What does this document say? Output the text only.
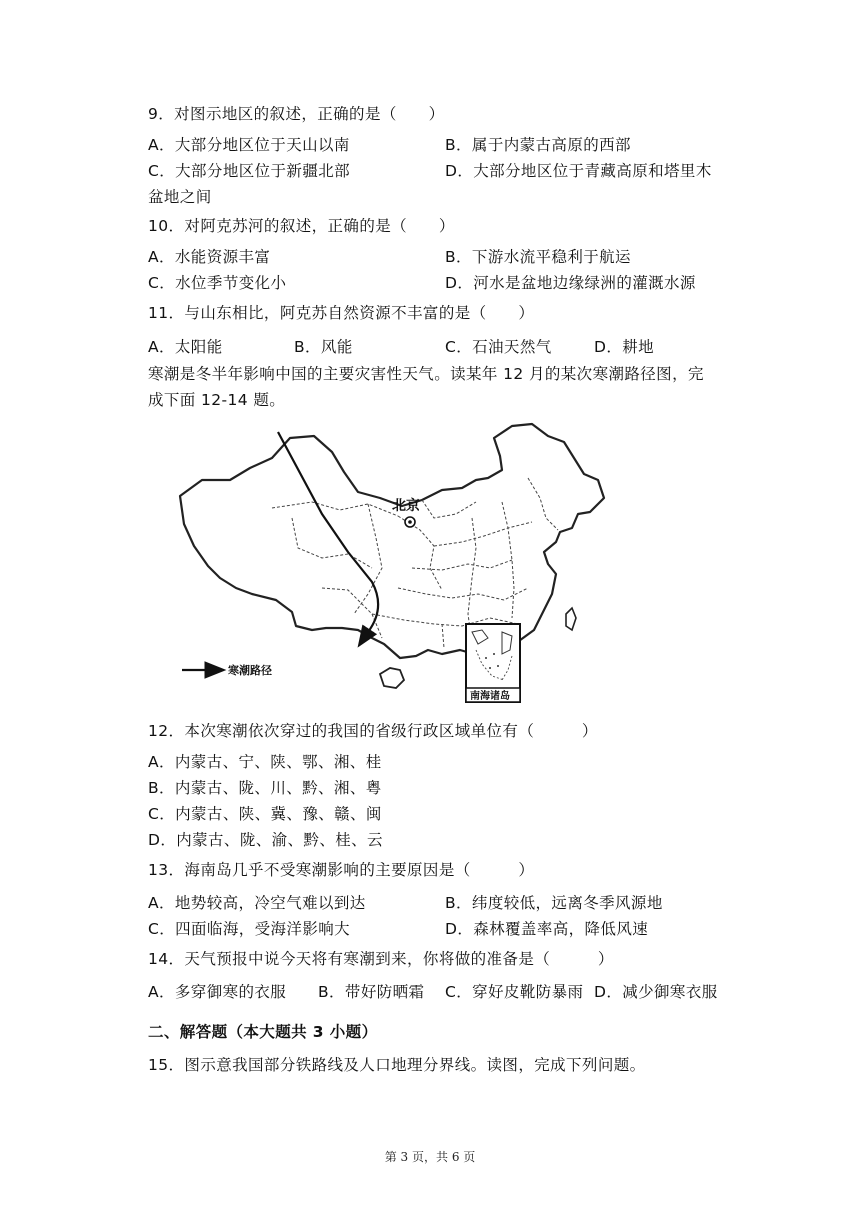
9．对图示地区的叙述，正确的是（　　）
A．大部分地区位于天山以南	B．属于内蒙古高原的西部
C．大部分地区位于新疆北部	D．大部分地区位于青藏高原和塔里木
盆地之间
10．对阿克苏河的叙述，正确的是（　　）
A．水能资源丰富	B．下游水流平稳利于航运
C．水位季节变化小	D．河水是盆地边缘绿洲的灌溉水源
11．与山东相比，阿克苏自然资源不丰富的是（　　）
A．太阳能	B．风能	C．石油天然气	D．耕地
寒潮是冬半年影响中国的主要灾害性天气。读某年 12 月的某次寒潮路径图，完
成下面 12-14 题。
北京
寒潮路径
南海诸岛
12．本次寒潮依次穿过的我国的省级行政区域单位有（　　　）
A．内蒙古、宁、陕、鄂、湘、桂
B．内蒙古、陇、川、黔、湘、粤
C．内蒙古、陕、冀、豫、赣、闽
D．内蒙古、陇、渝、黔、桂、云
13．海南岛几乎不受寒潮影响的主要原因是（　　　）
A．地势较高，冷空气难以到达	B．纬度较低，远离冬季风源地
C．四面临海，受海洋影响大	D．森林覆盖率高，降低风速
14．天气预报中说今天将有寒潮到来，你将做的准备是（　　　）
A．多穿御寒的衣服 B．带好防晒霜 C．穿好皮靴防暴雨 D．减少御寒衣服
二、解答题（本大题共 3 小题）
15．图示意我国部分铁路线及人口地理分界线。读图，完成下列问题。
第 3 页，共 6 页
